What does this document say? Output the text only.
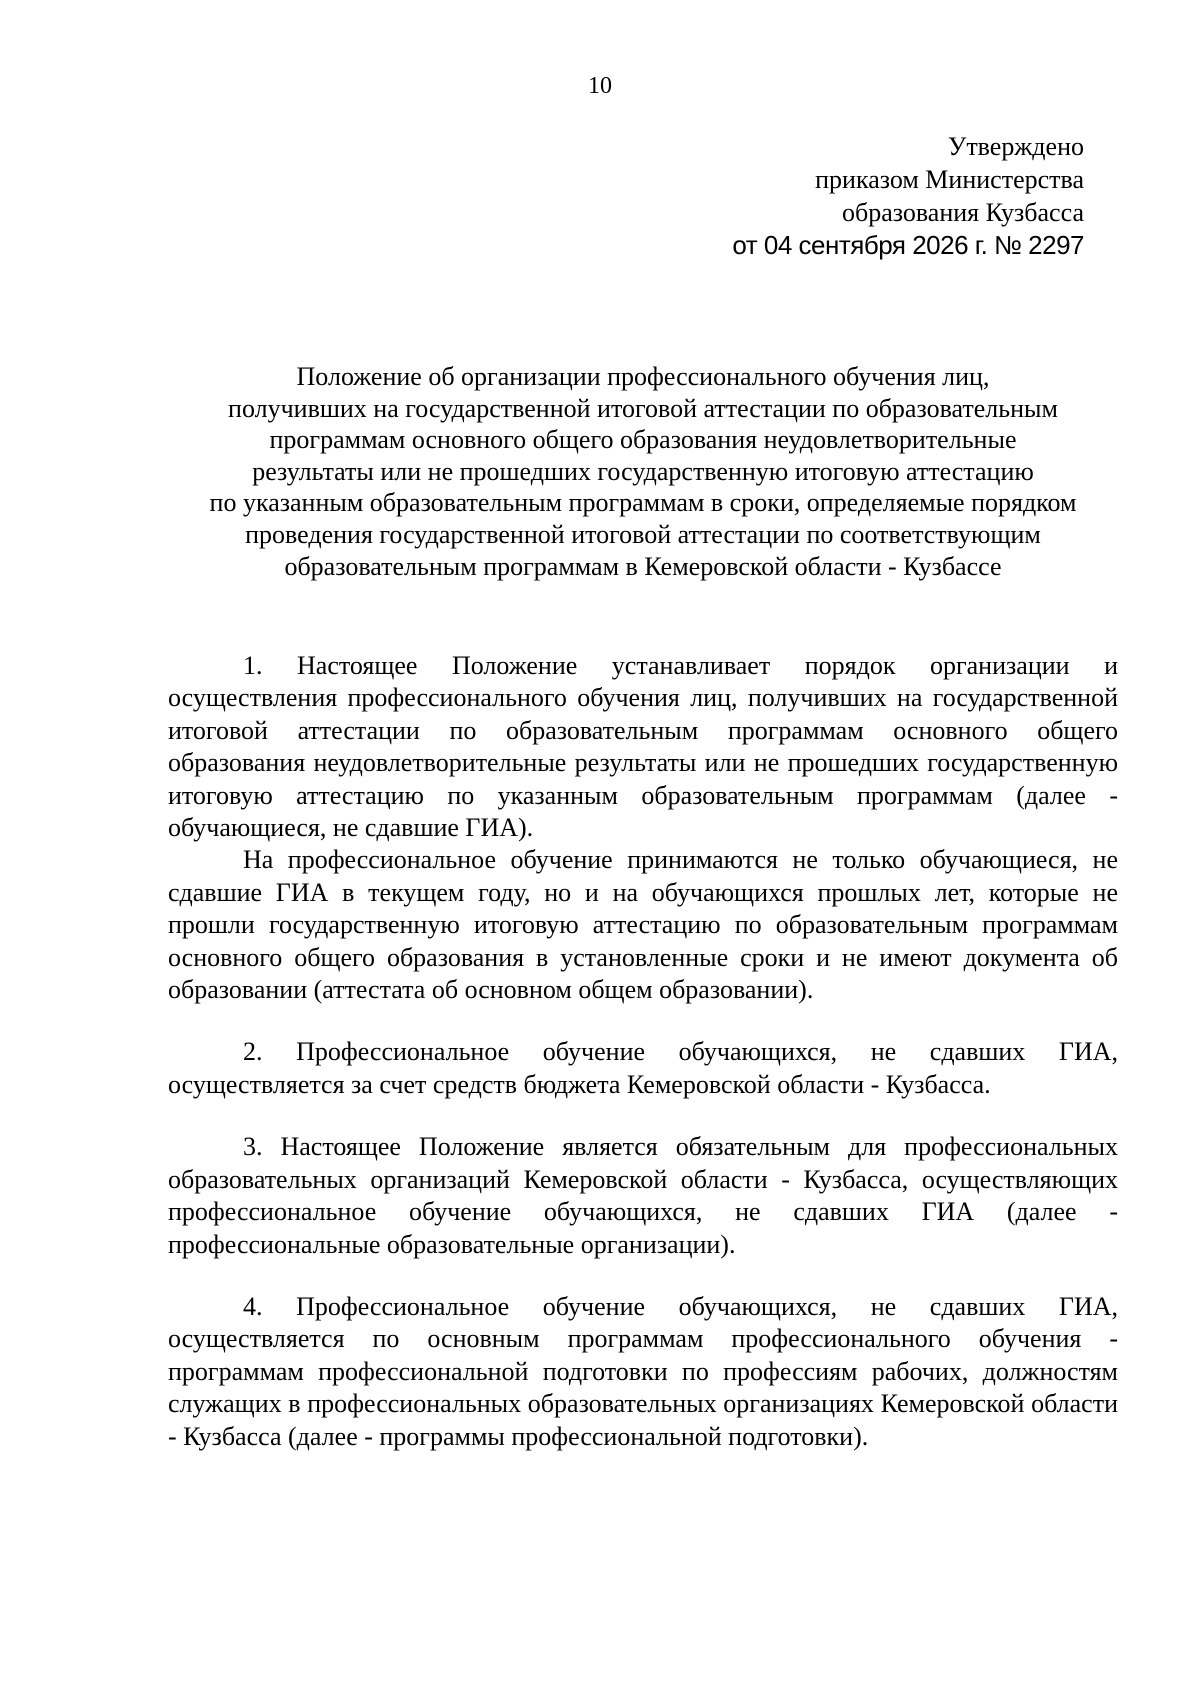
10
Утверждено
приказом Министерства
образования Кузбасса
от 04 сентября 2026 г. № 2297
Положение об организации профессионального обучения лиц,
получивших на государственной итоговой аттестации по образовательным
программам основного общего образования неудовлетворительные
результаты или не прошедших государственную итоговую аттестацию
по указанным образовательным программам в сроки, определяемые порядком
проведения государственной итоговой аттестации по соответствующим
образовательным программам в Кемеровской области - Кузбассе

1. Настоящее Положение устанавливает порядок организации и осуществления профессионального обучения лиц, получивших на государственной итоговой аттестации по образовательным программам основного общего образования неудовлетворительные результаты или не прошедших государственную итоговую аттестацию по указанным образовательным программам (далее - обучающиеся, не сдавшие ГИА).

На профессиональное обучение принимаются не только обучающиеся, не сдавшие ГИА в текущем году, но и на обучающихся прошлых лет, которые не прошли государственную итоговую аттестацию по образовательным программам основного общего образования в установленные сроки и не имеют документа об образовании (аттестата об основном общем образовании).

2. Профессиональное обучение обучающихся, не сдавших ГИА, осуществляется за счет средств бюджета Кемеровской области - Кузбасса.

3. Настоящее Положение является обязательным для профессиональных образовательных организаций Кемеровской области - Кузбасса, осуществляющих профессиональное обучение обучающихся, не сдавших ГИА (далее - профессиональные образовательные организации).

4. Профессиональное обучение обучающихся, не сдавших ГИА, осуществляется по основным программам профессионального обучения - программам профессиональной подготовки по профессиям рабочих, должностям служащих в профессиональных образовательных организациях Кемеровской области - Кузбасса (далее - программы профессиональной подготовки).
